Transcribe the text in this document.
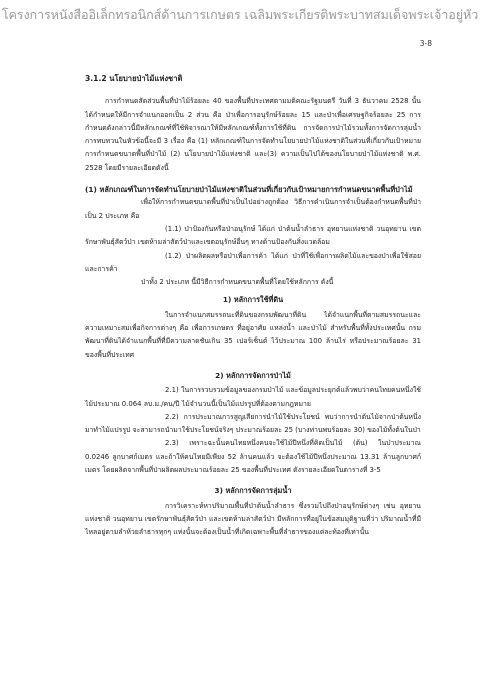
โครงการหนังสืออิเล็กทรอนิกส์ด้านการเกษตร เฉลิมพระเกียรติพระบาทสมเด็จพระเจ้าอยู่หัว
3-8

3.1.2 นโยบายป่าไม้แห่งชาติ

การกำหนดสัดส่วนพื้นที่ป่าไม้ร้อยละ 40 ของพื้นที่ประเทศตามมติคณะรัฐมนตรี วันที่ 3 ธันวาคม 2528 นั้น ได้กำหนดให้มีการจำแนกออกเป็น 2 ส่วน คือ ป่าเพื่อการอนุรักษ์ร้อยละ 15 และป่าเพื่อเศรษฐกิจร้อยละ 25 การกำหนดดังกล่าวนี้มีหลักเกณฑ์ที่ใช้พิจารณาให้มีหลักเกณฑ์ทั้งการใช้ที่ดิน การจัดการป่าไม้รวมทั้งการจัดการลุ่มน้ำ การทบทวนในหัวข้อนี้จะมี 3 เรื่อง คือ (1) หลักเกณฑ์ในการจัดทำนโยบายป่าไม้แห่งชาติในส่วนที่เกี่ยวกับเป้าหมายการกำหนดขนาดพื้นที่ป่าไม้ (2) นโยบายป่าไม้แห่งชาติ และ(3) ความเป็นไปได้ของนโยบายป่าไม้แห่งชาติ พ.ศ. 2528 โดยมีรายละเอียดดังนี้

(1) หลักเกณฑ์ในการจัดทำนโยบายป่าไม้แห่งชาติในส่วนที่เกี่ยวกับเป้าหมายการกำหนดขนาดพื้นที่ป่าไม้

เพื่อให้การกำหนดขนาดพื้นที่ป่าเป็นไปอย่างถูกต้อง วิธีการดำเนินการจำเป็นต้องกำหนดพื้นที่ป่าเป็น 2 ประเภท คือ

(1.1) ป่าป้องกันหรือป่าอนุรักษ์ ได้แก่ ป่าต้นน้ำลำธาร อุทยานแห่งชาติ วนอุทยาน เขตรักษาพันธุ์สัตว์ป่า เขตห้ามล่าสัตว์ป่าและเขตอนุรักษ์อื่นๆ ทางด้านป้องกันสิ่งแวดล้อม

(1.2) ป่าผลิตผลหรือป่าเพื่อการค้า ได้แก่ ป่าที่ใช้เพื่อการผลิตไม้และของป่าเพื่อใช้สอยและการค้า

ป่าทั้ง 2 ประเภท นี้มีวิธีการกำหนดขนาดพื้นที่โดยใช้หลักการ ดังนี้

1) หลักการใช้ที่ดิน

ในการจำแนกสมรรถนะที่ดินของกรมพัฒนาที่ดิน ได้จำแนกพื้นที่ตามสมรรถนะและความเหมาะสมเพื่อกิจการต่างๆ คือ เพื่อการเกษตร ที่อยู่อาศัย แหล่งน้ำ และป่าไม้ สำหรับพื้นที่ทั้งประเทศนั้น กรมพัฒนาที่ดินได้จำแนกพื้นที่ที่มีความลาดชันเกิน 35 เปอร์เซ็นต์ ไว้ประมาณ 100 ล้านไร่ หรือประมาณร้อยละ 31 ของพื้นที่ประเทศ

2) หลักการจัดการป่าไม้

2.1) ในการรวบรวมข้อมูลของกรมป่าไม้ และข้อมูลประยุกต์แล้วพบว่าคนไทยคนหนึ่งใช้ไม้ประมาณ 0.064 ลบ.ม./คน/ปี ไม้จำนวนนี้เป็นไม้แปรรูปที่ต้องตามกฎหมาย

2.2) การประมาณการสูญเสียการนำไม้ใช้ประโยชน์ พบว่าการนำต้นไม้จากป่าต้นหนึ่งมาทำไม้แปรรูป จะสามารถนำมาใช้ประโยชน์จริงๆ ประมาณร้อยละ 25 (บางท่านพบร้อยละ 30) ของไม้ทั้งต้นในป่า

2.3) เพราะฉะนั้นคนไทยหนึ่งคนจะใช้ไม้ปีหนึ่งที่คิดเป็นไม้ (ต้น) ในป่าประมาณ 0.0246 ลูกบาศก์เมตร และถ้าให้คนไทยมีเพียง 52 ล้านคนแล้ว จะต้องใช้ไม้ปีหนึ่งประมาณ 13.31 ล้านลูกบาศก์เมตร โดยผลิตจากพื้นที่ป่าผลิตผลประมาณร้อยละ 25 ของพื้นที่ประเทศ ดังรายละเอียดในตารางที่ 3-5

3) หลักการจัดการลุ่มน้ำ

การวิเคราะห์หาปริมาณพื้นที่ป่าต้นน้ำลำธาร ซึ่งรวมไปถึงป่าอนุรักษ์ต่างๆ เช่น อุทยานแห่งชาติ วนอุทยาน เขตรักษาพันธุ์สัตว์ป่า และเขตห้ามล่าสัตว์ป่า มีหลักการที่อยู่ในข้อสมมุติฐานที่ว่า ปริมาณน้ำที่มีไหลอยู่ตามลำห้วยลำธารทุกๆ แห่งนั้นจะต้องเป็นน้ำที่เกิดเฉพาะพื้นที่ลำธารของแต่ละท้องที่เท่านั้น
